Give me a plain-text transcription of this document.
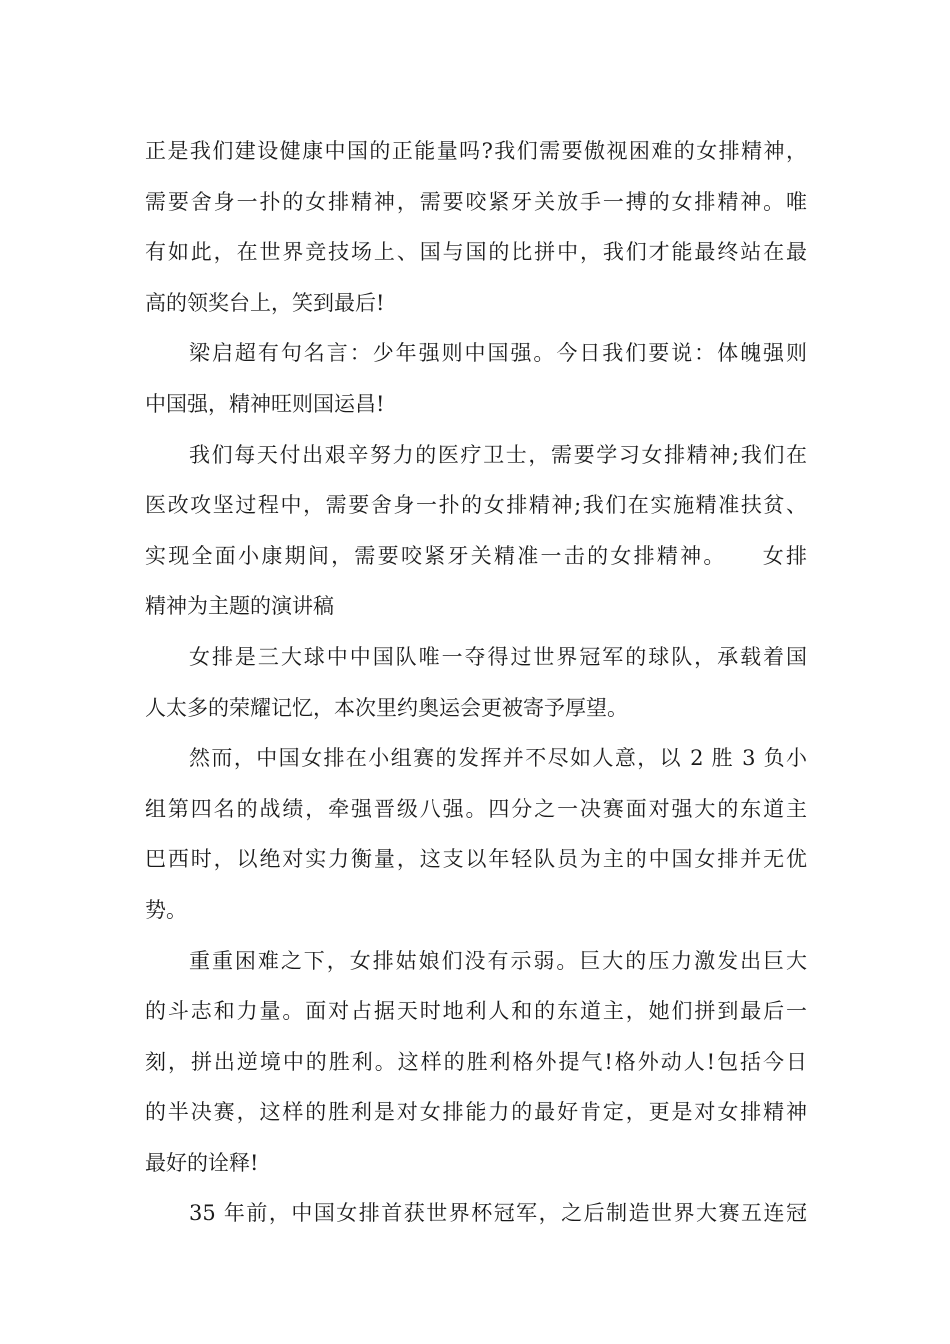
正是我们建设健康中国的正能量吗?我们需要傲视困难的女排精神，
需要舍身一扑的女排精神，需要咬紧牙关放手一搏的女排精神。唯
有如此，在世界竞技场上、国与国的比拼中，我们才能最终站在最
高的领奖台上，笑到最后!
梁启超有句名言：少年强则中国强。今日我们要说：体魄强则
中国强，精神旺则国运昌!
我们每天付出艰辛努力的医疗卫士，需要学习女排精神;我们在
医改攻坚过程中，需要舍身一扑的女排精神;我们在实施精准扶贫、
实现全面小康期间，需要咬紧牙关精准一击的女排精神。　　女排
精神为主题的演讲稿
女排是三大球中中国队唯一夺得过世界冠军的球队，承载着国
人太多的荣耀记忆，本次里约奥运会更被寄予厚望。
然而，中国女排在小组赛的发挥并不尽如人意，以 2 胜 3 负小
组第四名的战绩，牵强晋级八强。四分之一决赛面对强大的东道主
巴西时，以绝对实力衡量，这支以年轻队员为主的中国女排并无优
势。
重重困难之下，女排姑娘们没有示弱。巨大的压力激发出巨大
的斗志和力量。面对占据天时地利人和的东道主，她们拼到最后一
刻，拼出逆境中的胜利。这样的胜利格外提气!格外动人!包括今日
的半决赛，这样的胜利是对女排能力的最好肯定，更是对女排精神
最好的诠释!
35 年前，中国女排首获世界杯冠军，之后制造世界大赛五连冠
